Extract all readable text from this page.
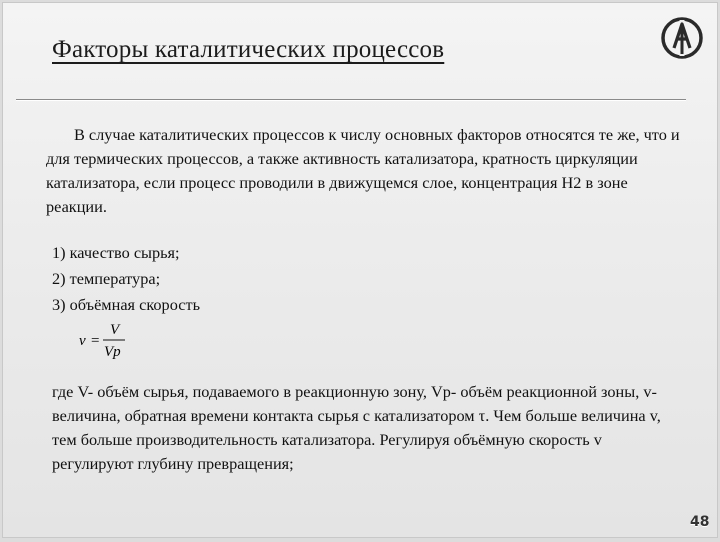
Факторы каталитических процессов

В случае каталитических процессов к числу основных факторов относятся те же, что и для термических процессов, а также активность катализатора, кратность циркуляции катализатора, если процесс проводили в движущемся слое, концентрация Н2 в зоне реакции.

1) качество сырья;
2) температура;
3) объёмная скорость
v =
V
Vp

где V- объём сырья, подаваемого в реакционную зону, Vp- объём реакционной зоны, v- величина, обратная времени контакта сырья с катализатором τ. Чем больше величина v, тем больше производительность катализатора. Регулируя объёмную скорость v регулируют глубину превращения;

48
